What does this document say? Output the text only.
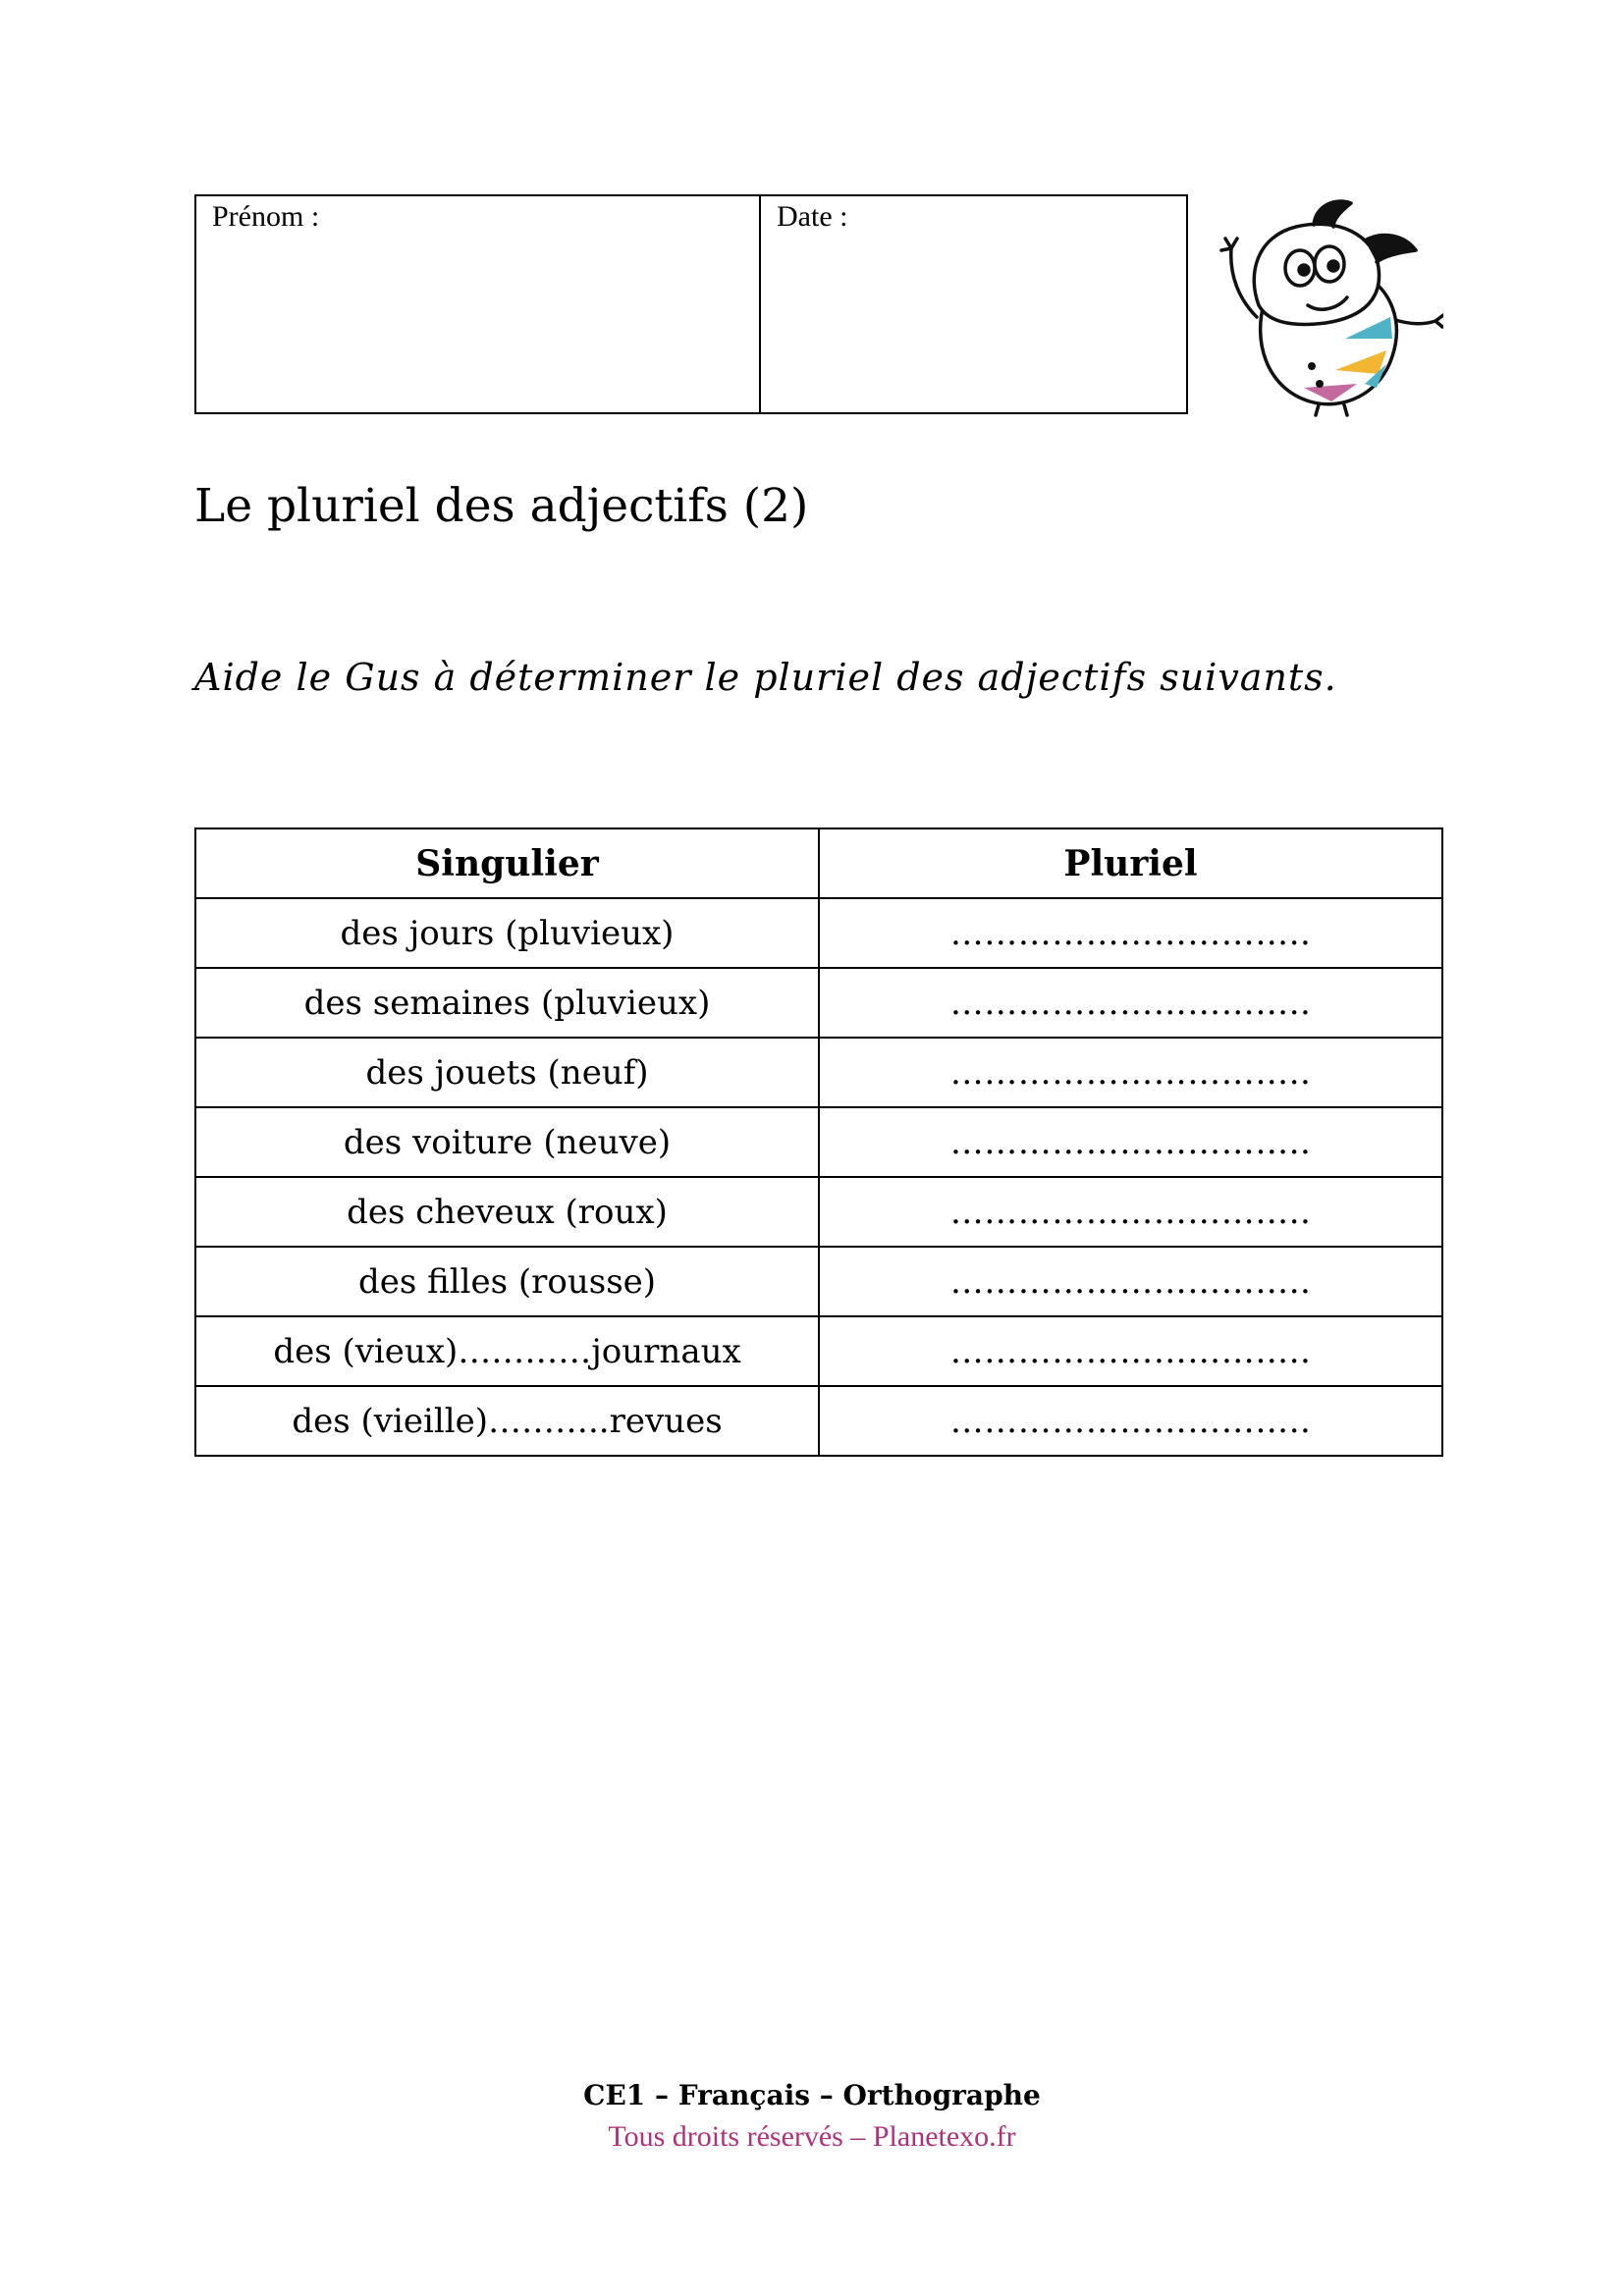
Prénom :	Date :
Le pluriel des adjectifs (2)
Aide le Gus à déterminer le pluriel des adjectifs suivants.
Singulier	Pluriel
des jours (pluvieux)	…………………………..
des semaines (pluvieux)	…………………………..
des jouets (neuf)	…………………………..
des voiture (neuve)	…………………………..
des cheveux (roux)	…………………………..
des filles (rousse)	…………………………..
des (vieux)…………journaux	…………………………..
des (vieille)………..revues	…………………………..
CE1 – Français – Orthographe
Tous droits réservés – Planetexo.fr
